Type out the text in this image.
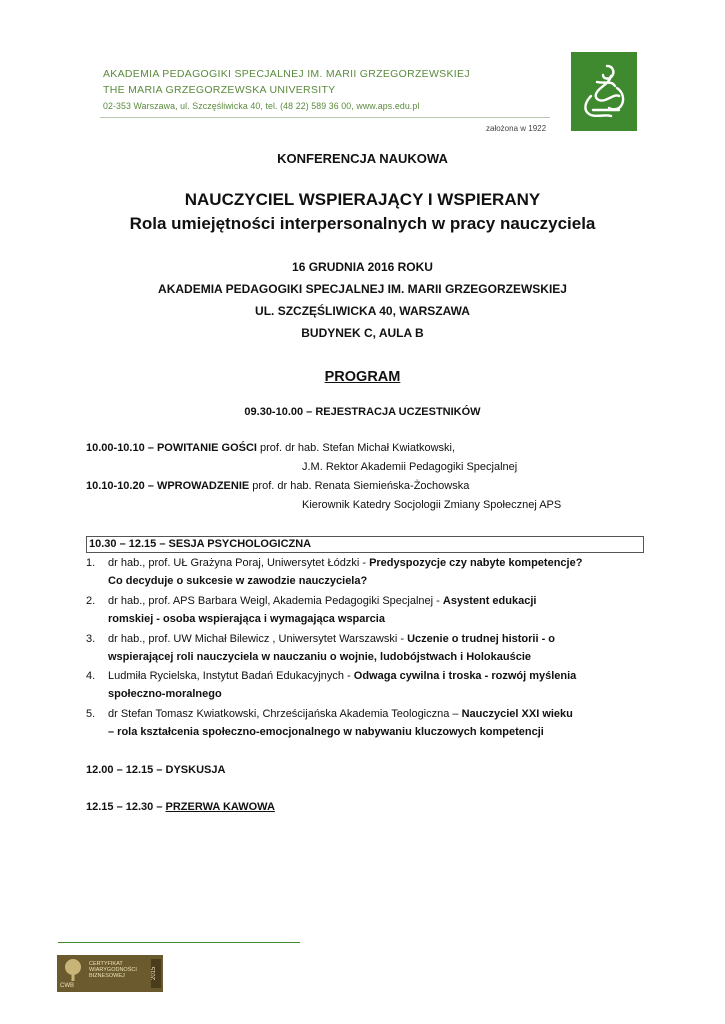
AKADEMIA PEDAGOGIKI SPECJALNEJ IM. MARII GRZEGORZEWSKIEJ
THE MARIA GRZEGORZEWSKA UNIVERSITY
02-353 Warszawa, ul. Szczęśliwicka 40, tel. (48 22) 589 36 00, www.aps.edu.pl
założona w 1922
KONFERENCJA NAUKOWA
NAUCZYCIEL WSPIERAJĄCY I WSPIERANY
Rola umiejętności interpersonalnych w pracy nauczyciela
16 GRUDNIA 2016 ROKU
AKADEMIA PEDAGOGIKI SPECJALNEJ IM. MARII GRZEGORZEWSKIEJ
UL. SZCZĘŚLIWICKA 40, WARSZAWA
BUDYNEK C, AULA B
PROGRAM
09.30-10.00 – REJESTRACJA UCZESTNIKÓW
10.00-10.10 – POWITANIE GOŚCI prof. dr hab. Stefan Michał Kwiatkowski,
J.M. Rektor Akademii Pedagogiki Specjalnej
10.10-10.20 – WPROWADZENIE prof. dr hab. Renata Siemieńska-Żochowska
Kierownik Katedry Socjologii Zmiany Społecznej APS
10.30 – 12.15 – SESJA PSYCHOLOGICZNA
1. dr hab., prof. UŁ Grażyna Poraj, Uniwersytet Łódzki - Predyspozycje czy nabyte kompetencje?
Co decyduje o sukcesie w zawodzie nauczyciela?
2. dr hab., prof. APS Barbara Weigl, Akademia Pedagogiki Specjalnej - Asystent edukacji
romskiej - osoba wspierająca i wymagająca wsparcia
3. dr hab., prof. UW Michał Bilewicz , Uniwersytet Warszawski - Uczenie o trudnej historii - o
wspierającej roli nauczyciela w nauczaniu o wojnie, ludobójstwach i Holokauście
4. Ludmiła Rycielska, Instytut Badań Edukacyjnych - Odwaga cywilna i troska - rozwój myślenia
społeczno-moralnego
5. dr Stefan Tomasz Kwiatkowski, Chrześcijańska Akademia Teologiczna – Nauczyciel XXI wieku
– rola kształcenia społeczno-emocjonalnego w nabywaniu kluczowych kompetencji
12.00 – 12.15 – DYSKUSJA
12.15 – 12.30 – PRZERWA KAWOWA
CERTYFIKAT
WIARYGODNOŚCI
BIZNESOWEJ
CWB
2015
